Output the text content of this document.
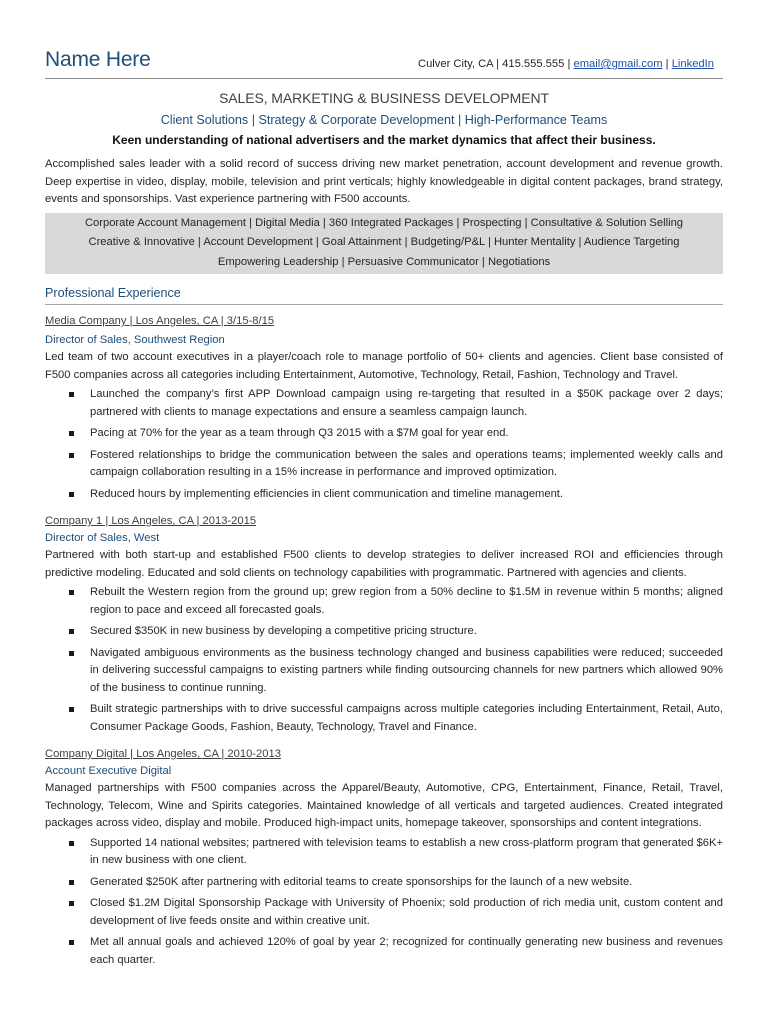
Name Here	Culver City, CA | 415.555.555 | email@gmail.com | LinkedIn
SALES, MARKETING & BUSINESS DEVELOPMENT
Client Solutions | Strategy & Corporate Development | High-Performance Teams
Keen understanding of national advertisers and the market dynamics that affect their business.
Accomplished sales leader with a solid record of success driving new market penetration, account development and revenue growth. Deep expertise in video, display, mobile, television and print verticals; highly knowledgeable in digital content packages, brand strategy, events and sponsorships. Vast experience partnering with F500 accounts.
Corporate Account Management | Digital Media | 360 Integrated Packages | Prospecting | Consultative & Solution Selling
Creative & Innovative | Account Development | Goal Attainment | Budgeting/P&L | Hunter Mentality | Audience Targeting
Empowering Leadership | Persuasive Communicator | Negotiations
Professional Experience
Media Company | Los Angeles, CA | 3/15-8/15
Director of Sales, Southwest Region
Led team of two account executives in a player/coach role to manage portfolio of 50+ clients and agencies. Client base consisted of F500 companies across all categories including Entertainment, Automotive, Technology, Retail, Fashion, Technology and Travel.
Launched the company’s first APP Download campaign using re-targeting that resulted in a $50K package over 2 days; partnered with clients to manage expectations and ensure a seamless campaign launch.
Pacing at 70% for the year as a team through Q3 2015 with a $7M goal for year end.
Fostered relationships to bridge the communication between the sales and operations teams; implemented weekly calls and campaign collaboration resulting in a 15% increase in performance and improved optimization.
Reduced hours by implementing efficiencies in client communication and timeline management.
Company 1 | Los Angeles, CA | 2013-2015
Director of Sales, West
Partnered with both start-up and established F500 clients to develop strategies to deliver increased ROI and efficiencies through predictive modeling. Educated and sold clients on technology capabilities with programmatic. Partnered with agencies and clients.
Rebuilt the Western region from the ground up; grew region from a 50% decline to $1.5M in revenue within 5 months; aligned region to pace and exceed all forecasted goals.
Secured $350K in new business by developing a competitive pricing structure.
Navigated ambiguous environments as the business technology changed and business capabilities were reduced; succeeded in delivering successful campaigns to existing partners while finding outsourcing channels for new partners which allowed 90% of the business to continue running.
Built strategic partnerships with to drive successful campaigns across multiple categories including Entertainment, Retail, Auto, Consumer Package Goods, Fashion, Beauty, Technology, Travel and Finance.
Company Digital | Los Angeles, CA | 2010-2013
Account Executive Digital
Managed partnerships with F500 companies across the Apparel/Beauty, Automotive, CPG, Entertainment, Finance, Retail, Travel, Technology, Telecom, Wine and Spirits categories. Maintained knowledge of all verticals and targeted audiences. Created integrated packages across video, display and mobile. Produced high-impact units, homepage takeover, sponsorships and content integrations.
Supported 14 national websites; partnered with television teams to establish a new cross-platform program that generated $6K+ in new business with one client.
Generated $250K after partnering with editorial teams to create sponsorships for the launch of a new website.
Closed $1.2M Digital Sponsorship Package with University of Phoenix; sold production of rich media unit, custom content and development of live feeds onsite and within creative unit.
Met all annual goals and achieved 120% of goal by year 2; recognized for continually generating new business and revenues each quarter.
